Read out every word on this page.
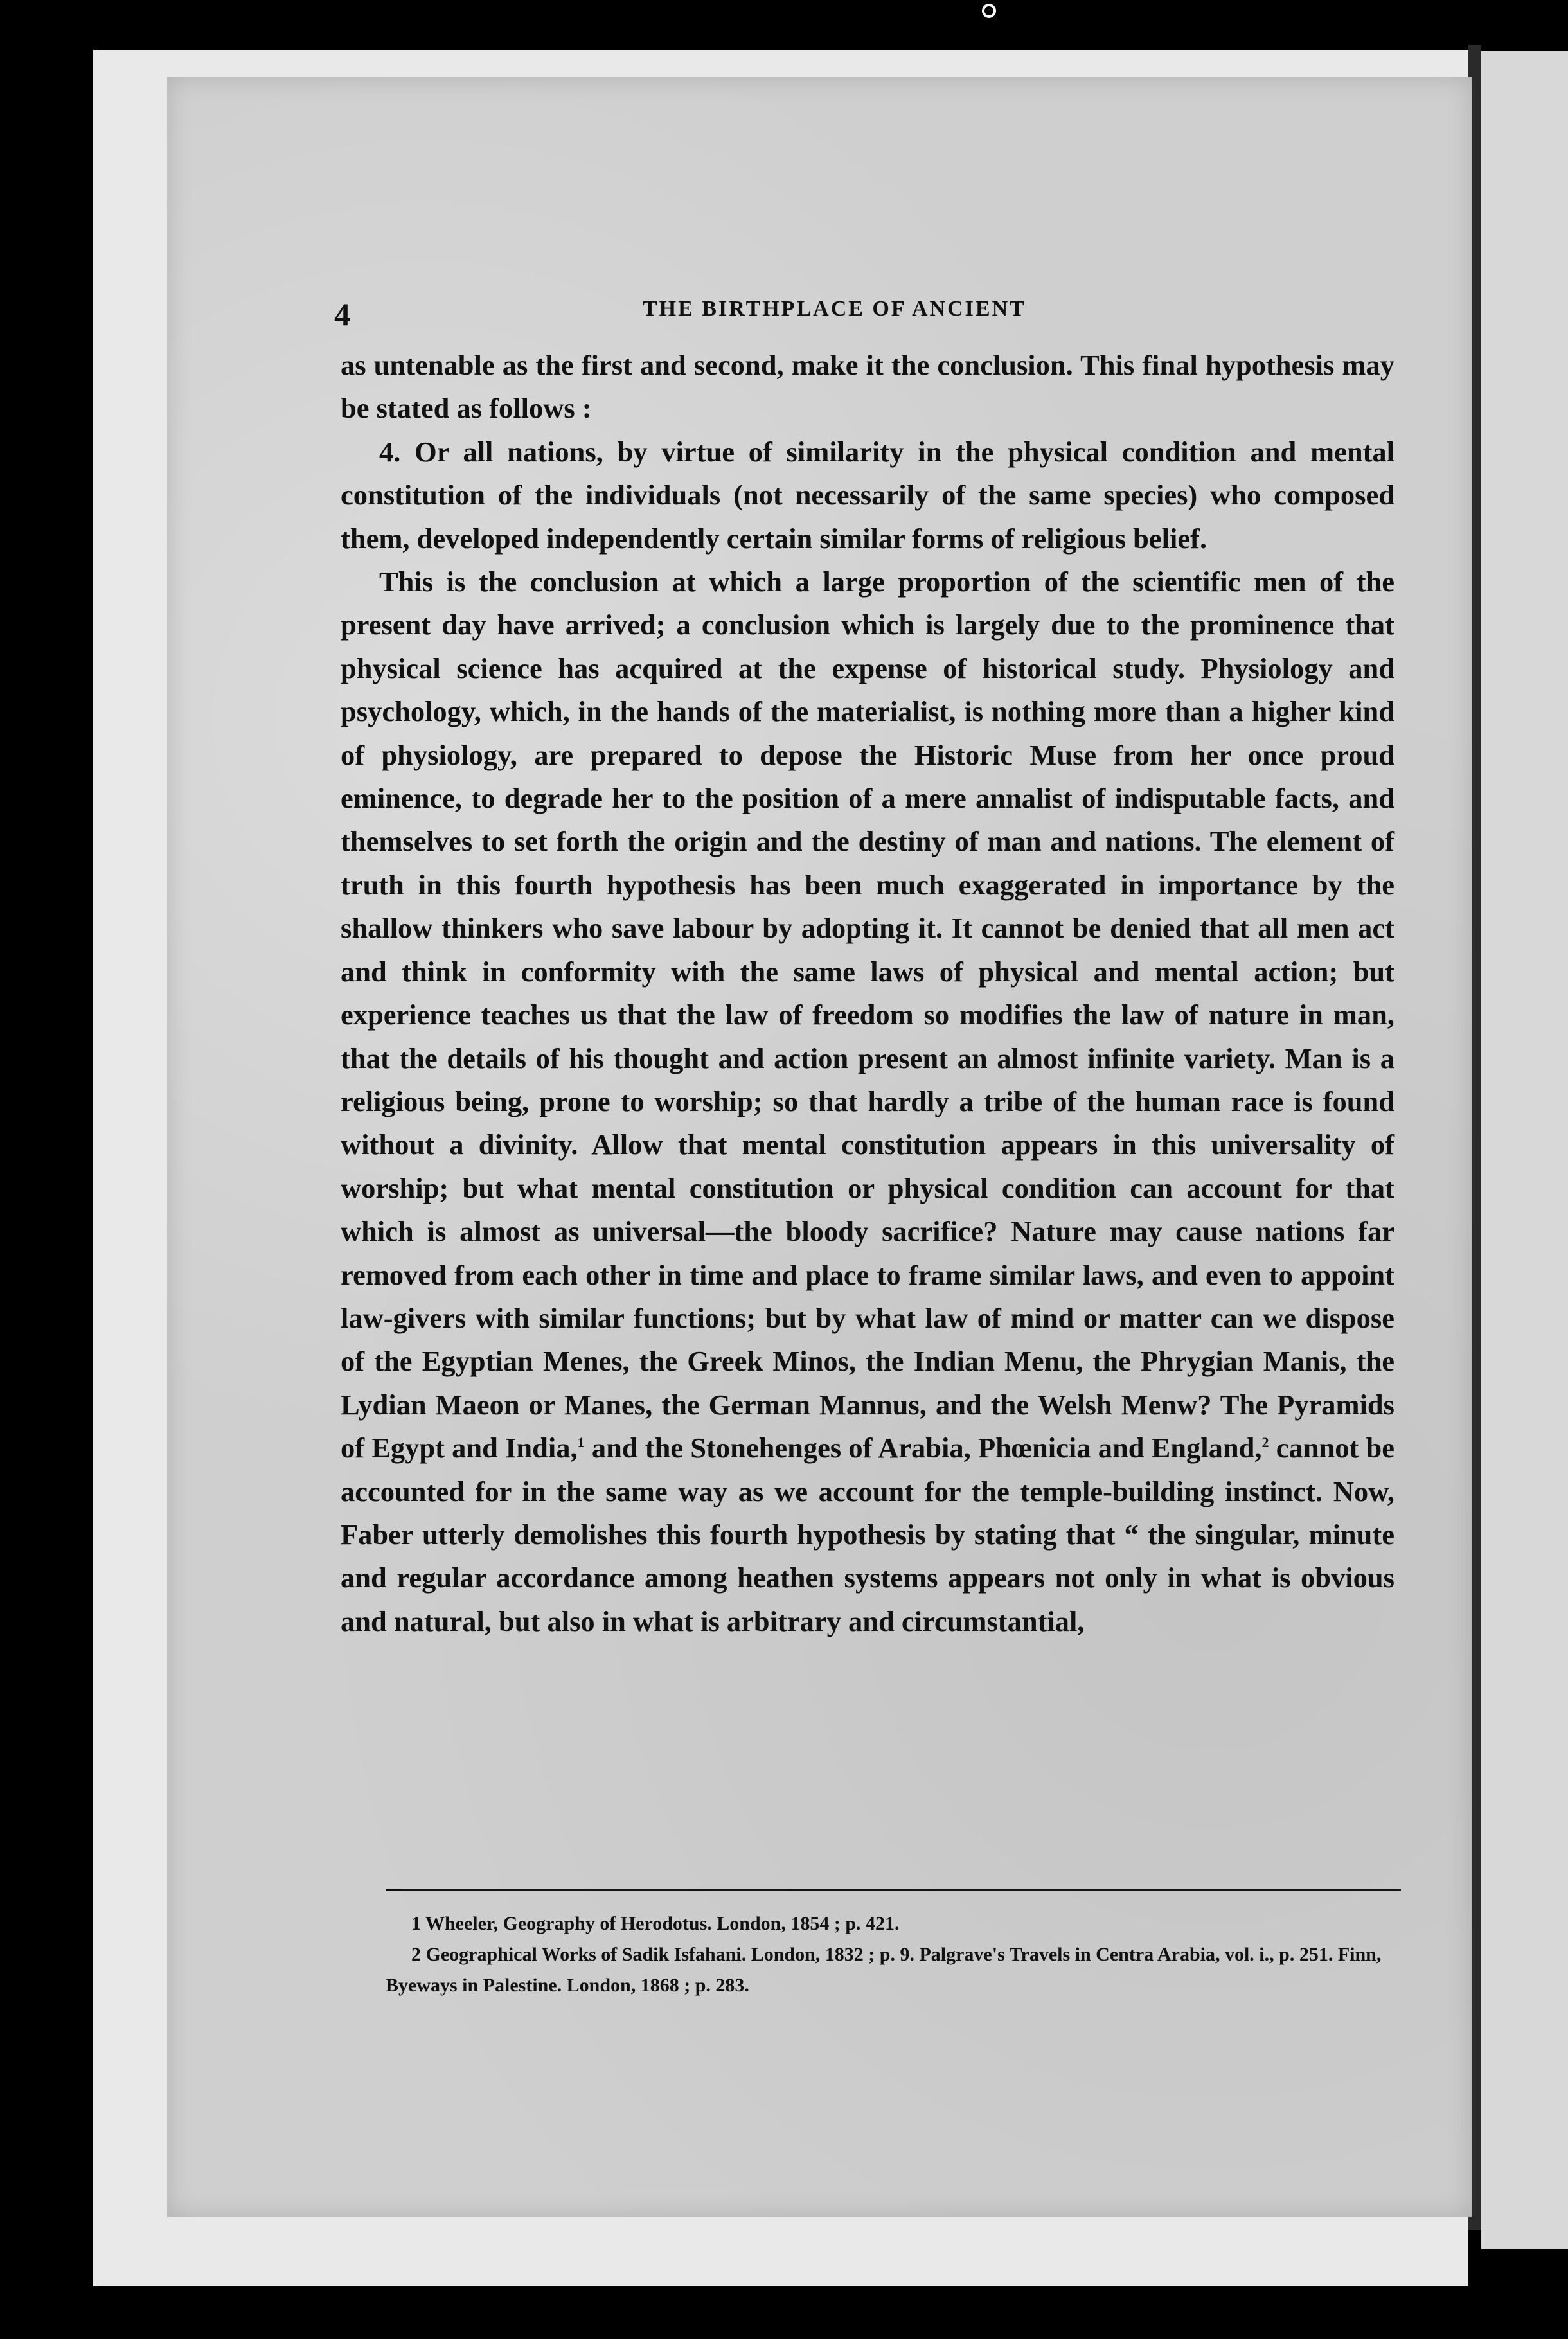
4	THE BIRTHPLACE OF ANCIENT

as untenable as the first and second, make it the conclusion. This final hypothesis may be stated as follows :

4. Or all nations, by virtue of similarity in the physical condition and mental constitution of the individuals (not necessarily of the same species) who composed them, developed independently certain similar forms of religious belief.

This is the conclusion at which a large proportion of the scientific men of the present day have arrived; a conclusion which is largely due to the prominence that physical science has acquired at the expense of historical study. Physiology and psychology, which, in the hands of the materialist, is nothing more than a higher kind of physiology, are prepared to depose the Historic Muse from her once proud eminence, to degrade her to the position of a mere annalist of indisputable facts, and themselves to set forth the origin and the destiny of man and nations. The element of truth in this fourth hypothesis has been much exaggerated in importance by the shallow thinkers who save labour by adopting it. It cannot be denied that all men act and think in conformity with the same laws of physical and mental action; but experience teaches us that the law of freedom so modifies the law of nature in man, that the details of his thought and action present an almost infinite variety. Man is a religious being, prone to worship; so that hardly a tribe of the human race is found without a divinity. Allow that mental constitution appears in this universality of worship; but what mental constitution or physical condition can account for that which is almost as universal—the bloody sacrifice? Nature may cause nations far removed from each other in time and place to frame similar laws, and even to appoint law-givers with similar functions; but by what law of mind or matter can we dispose of the Egyptian Menes, the Greek Minos, the Indian Menu, the Phrygian Manis, the Lydian Maeon or Manes, the German Mannus, and the Welsh Menw? The Pyramids of Egypt and India,$^1$ and the Stonehenges of Arabia, Phœnicia and England,$^2$ cannot be accounted for in the same way as we account for the temple-building instinct. Now, Faber utterly demolishes this fourth hypothesis by stating that “ the singular, minute and regular accordance among heathen systems appears not only in what is obvious and natural, but also in what is arbitrary and circumstantial,

1 Wheeler, Geography of Herodotus. London, 1854 ; p. 421.

2 Geographical Works of Sadik Isfahani. London, 1832 ; p. 9. Palgrave's Travels in Centra Arabia, vol. i., p. 251. Finn, Byeways in Palestine. London, 1868 ; p. 283.
